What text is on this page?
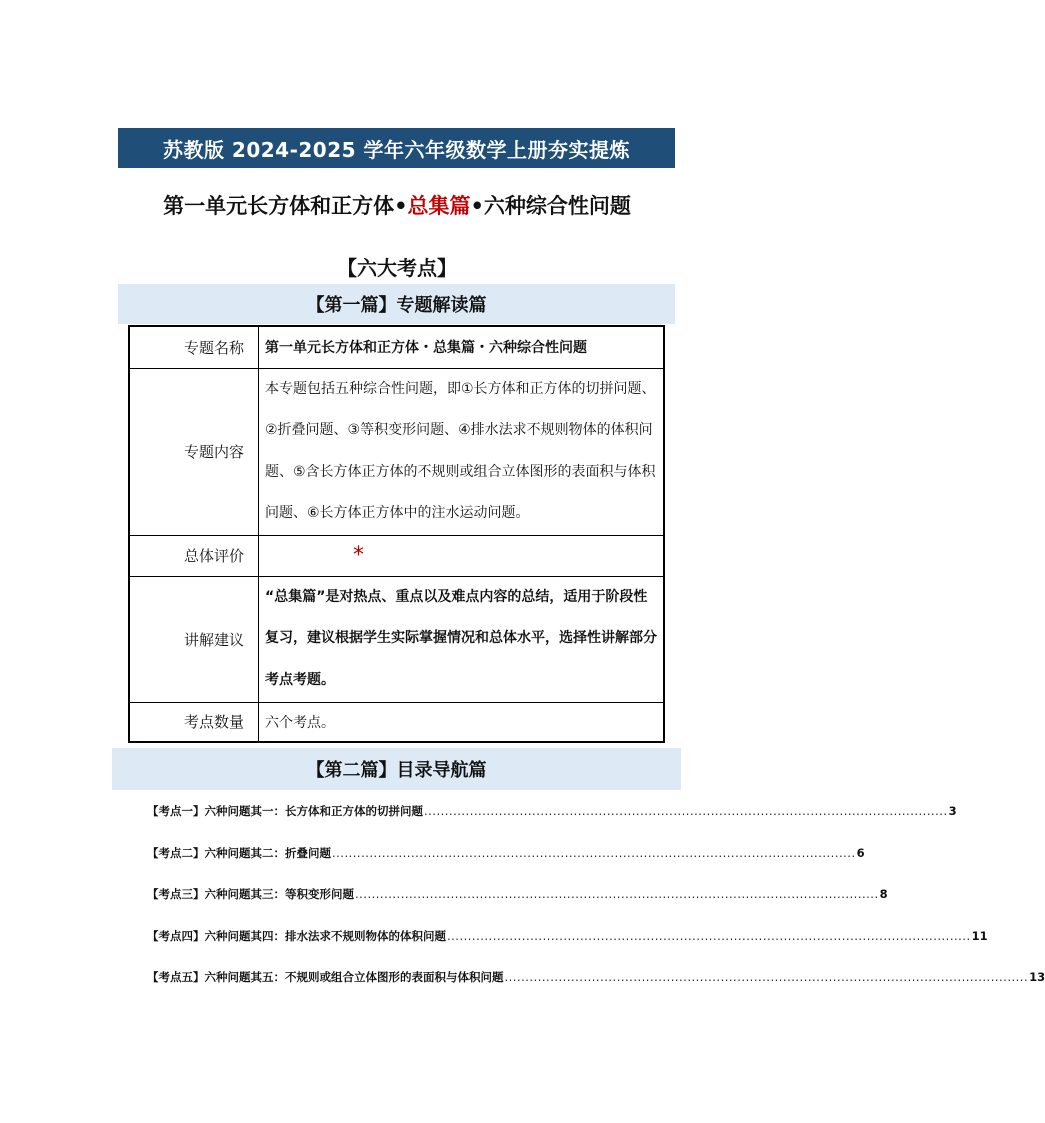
苏教版 2024-2025 学年六年级数学上册夯实提炼
第一单元长方体和正方体•总集篇•六种综合性问题
【六大考点】
【第一篇】专题解读篇
专题名称	第一单元长方体和正方体・总集篇・六种综合性问题
专题内容	本专题包括五种综合性问题，即①长方体和正方体的切拼问题、②折叠问题、③等积变形问题、④排水法求不规则物体的体积问题、⑤含长方体正方体的不规则或组合立体图形的表面积与体积问题、⑥长方体正方体中的注水运动问题。
总体评价	*
讲解建议	“总集篇”是对热点、重点以及难点内容的总结，适用于阶段性复习，建议根据学生实际掌握情况和总体水平，选择性讲解部分考点考题。
考点数量	六个考点。
【第二篇】目录导航篇
【考点一】六种问题其一：长方体和正方体的切拼问题 .............................................................................................................................. 3
【考点二】六种问题其二：折叠问题 .............................................................................................................................. 6
【考点三】六种问题其三：等积变形问题 .............................................................................................................................. 8
【考点四】六种问题其四：排水法求不规则物体的体积问题 .............................................................................................................................. 11
【考点五】六种问题其五：不规则或组合立体图形的表面积与体积问题 .............................................................................................................................. 13
